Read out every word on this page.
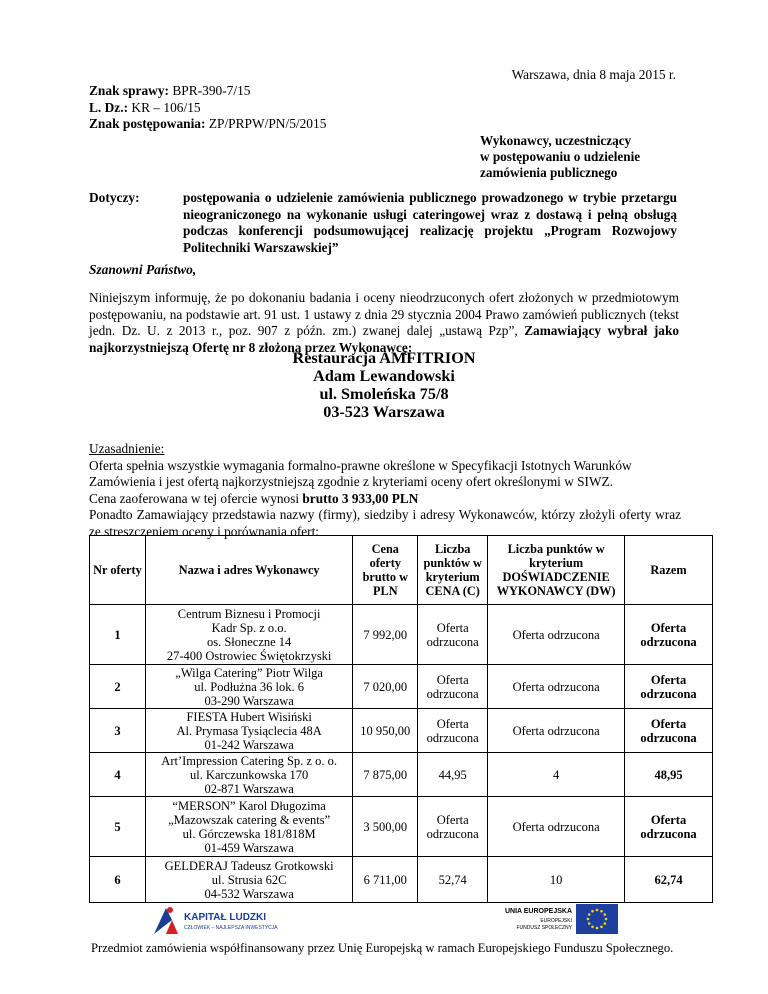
Warszawa, dnia 8 maja 2015 r.
Znak sprawy: BPR-390-7/15
L. Dz.: KR – 106/15
Znak postępowania: ZP/PRPW/PN/5/2015
Wykonawcy, uczestniczący
w postępowaniu o udzielenie
zamówienia publicznego
Dotyczy:	postępowania o udzielenie zamówienia publicznego prowadzonego w trybie przetargu nieograniczonego na wykonanie usługi cateringowej wraz z dostawą i pełną obsługą podczas konferencji podsumowującej realizację projektu „Program Rozwojowy Politechniki Warszawskiej”
Szanowni Państwo,
Niniejszym informuję, że po dokonaniu badania i oceny nieodrzuconych ofert złożonych w przedmiotowym postępowaniu, na podstawie art. 91 ust. 1 ustawy z dnia 29 stycznia 2004 Prawo zamówień publicznych (tekst jedn. Dz. U. z 2013 r., poz. 907 z późn. zm.) zwanej dalej „ustawą Pzp”, Zamawiający wybrał jako najkorzystniejszą Ofertę nr 8 złożoną przez Wykonawcę:
Restauracja AMFITRION
Adam Lewandowski
ul. Smoleńska 75/8
03-523 Warszawa
Uzasadnienie:
Oferta spełnia wszystkie wymagania formalno-prawne określone w Specyfikacji Istotnych Warunków Zamówienia i jest ofertą najkorzystniejszą zgodnie z kryteriami oceny ofert określonymi w SIWZ.
Cena zaoferowana w tej ofercie wynosi brutto 3 933,00 PLN
Ponadto Zamawiający przedstawia nazwy (firmy), siedziby i adresy Wykonawców, którzy złożyli oferty wraz ze streszczeniem oceny i porównania ofert:
Nr oferty	Nazwa i adres Wykonawcy	Cena oferty brutto w PLN	Liczba punktów w kryterium CENA (C)	Liczba punktów w kryterium DOŚWIADCZENIE WYKONAWCY (DW)	Razem
1	Centrum Biznesu i Promocji
Kadr Sp. z o.o.
os. Słoneczne 14
27-400 Ostrowiec Świętokrzyski	7 992,00	Oferta odrzucona	Oferta odrzucona	Oferta odrzucona
2	„Wilga Catering” Piotr Wilga
ul. Podłużna 36 lok. 6
03-290 Warszawa	7 020,00	Oferta odrzucona	Oferta odrzucona	Oferta odrzucona
3	FIESTA Hubert Wisiński
Al. Prymasa Tysiąclecia 48A
01-242 Warszawa	10 950,00	Oferta odrzucona	Oferta odrzucona	Oferta odrzucona
4	Art’Impression Catering Sp. z o. o.
ul. Karczunkowska 170
02-871 Warszawa	7 875,00	44,95	4	48,95
5	“MERSON” Karol Długozima
„Mazowszak catering & events”
ul. Górczewska 181/818M
01-459 Warszawa	3 500,00	Oferta odrzucona	Oferta odrzucona	Oferta odrzucona
6	GELDERAJ Tadeusz Grotkowski
ul. Strusia 62C
04-532 Warszawa	6 711,00	52,74	10	62,74
KAPITAŁ LUDZKI
CZŁOWIEK – NAJLEPSZA INWESTYCJA
UNIA EUROPEJSKA
EUROPEJSKI
FUNDUSZ SPOŁECZNY
Przedmiot zamówienia współfinansowany przez Unię Europejską w ramach Europejskiego Funduszu Społecznego.
